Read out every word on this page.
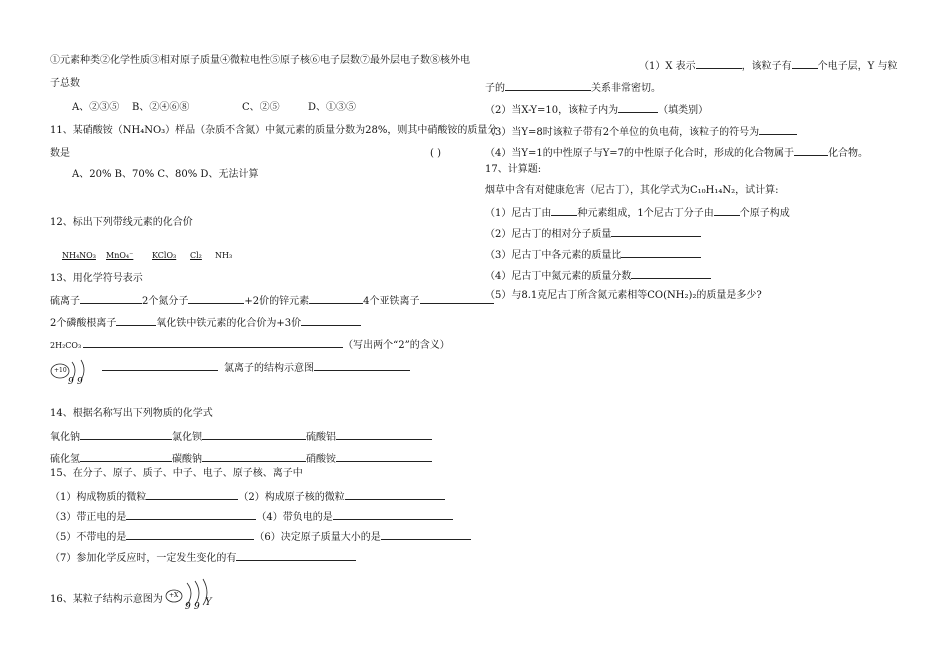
①元素种类②化学性质③相对原子质量④微粒电性⑤原子核⑥电子层数⑦最外层电子数⑧核外电
子总数
A、②③⑤ B、②④⑥⑧	C、②⑤	D、①③⑤
11、某硝酸铵（NH₄NO₃）样品（杂质不含氮）中氮元素的质量分数为28%，则其中硝酸铵的质量分
数是	( )
A、20% B、70% C、80% D、无法计算
12、标出下列带线元素的化合价
NH₄NO₃ MnO₄⁻ KClO₃ Cl₂ NH₃
13、用化学符号表示
硫离子	2个氮分子	+2价的锌元素	4个亚铁离子
2个磷酸根离子	氧化铁中铁元素的化合价为+3价
2H₂CO₃	（写出两个“2”的含义）
9 9
+10	氯离子的结构示意图
14、根据名称写出下列物质的化学式
氧化钠	氯化钡	硫酸铝
硫化氢	碳酸钠	硝酸铵
15、在分子、原子、质子、中子、电子、原子核、离子中
（1）构成物质的微粒	（2）构成原子核的微粒
（3）带正电的是	（4）带负电的是
（5）不带电的是	（6）决定原子质量大小的是
（7）参加化学反应时，一定发生变化的有
16、某粒子结构示意图为
9 9
+X
Y
（1）X 表示	，该粒子有	个电子层，Y 与粒
子的	关系非常密切。
（2）当X-Y=10，该粒子内为	（填类别）
（3）当Y=8时该粒子带有2个单位的负电荷，该粒子的符号为
（4）当Y=1的中性原子与Y=7的中性原子化合时，形成的化合物属于	化合物。
17、计算题:
烟草中含有对健康危害（尼古丁），其化学式为C₁₀H₁₄N₂，试计算:
（1）尼古丁由	种元素组成，1个尼古丁分子由	个原子构成
（2）尼古丁的相对分子质量
（3）尼古丁中各元素的质量比
（4）尼古丁中氮元素的质量分数
（5）与8.1克尼古丁所含氮元素相等CO(NH₂)₂的质量是多少?
